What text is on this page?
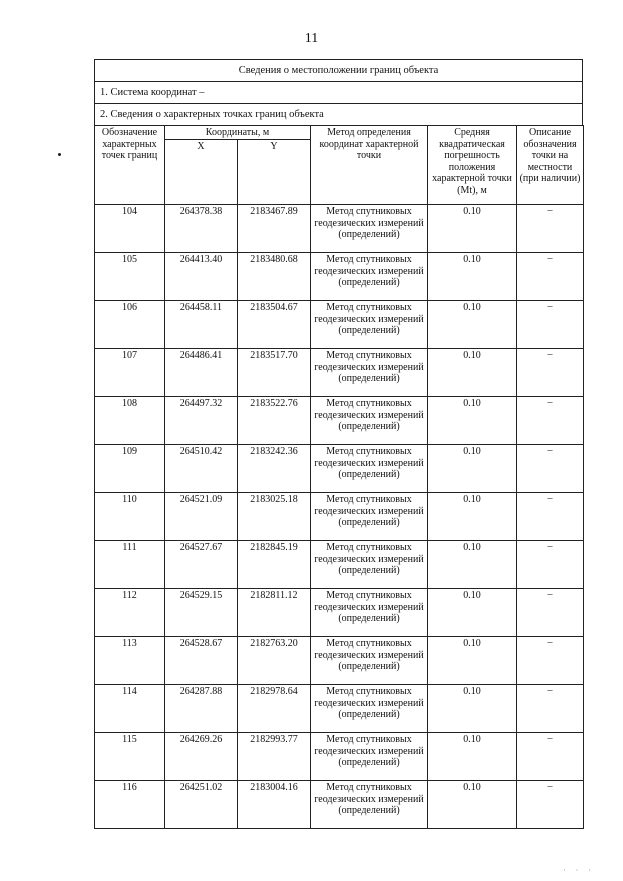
11
Сведения о местоположении границ объекта
1. Система координат –
2. Сведения о характерных точках границ объекта
Обозначение характерных точек границ	Координаты, м		Метод определения координат характерной точки	Средняя квадратическая погрешность положения характерной точки (Mt), м	Описание обозначения точки на местности (при наличии)
	X	Y			
104	264378.38	2183467.89	Метод спутниковых геодезических измерений (определений)	0.10	–
105	264413.40	2183480.68	Метод спутниковых геодезических измерений (определений)	0.10	–
106	264458.11	2183504.67	Метод спутниковых геодезических измерений (определений)	0.10	–
107	264486.41	2183517.70	Метод спутниковых геодезических измерений (определений)	0.10	–
108	264497.32	2183522.76	Метод спутниковых геодезических измерений (определений)	0.10	–
109	264510.42	2183242.36	Метод спутниковых геодезических измерений (определений)	0.10	–
110	264521.09	2183025.18	Метод спутниковых геодезических измерений (определений)	0.10	–
111	264527.67	2182845.19	Метод спутниковых геодезических измерений (определений)	0.10	–
112	264529.15	2182811.12	Метод спутниковых геодезических измерений (определений)	0.10	–
113	264528.67	2182763.20	Метод спутниковых геодезических измерений (определений)	0.10	–
114	264287.88	2182978.64	Метод спутниковых геодезических измерений (определений)	0.10	–
115	264269.26	2182993.77	Метод спутниковых геодезических измерений (определений)	0.10	–
116	264251.02	2183004.16	Метод спутниковых геодезических измерений (определений)	0.10	–
· · ·
